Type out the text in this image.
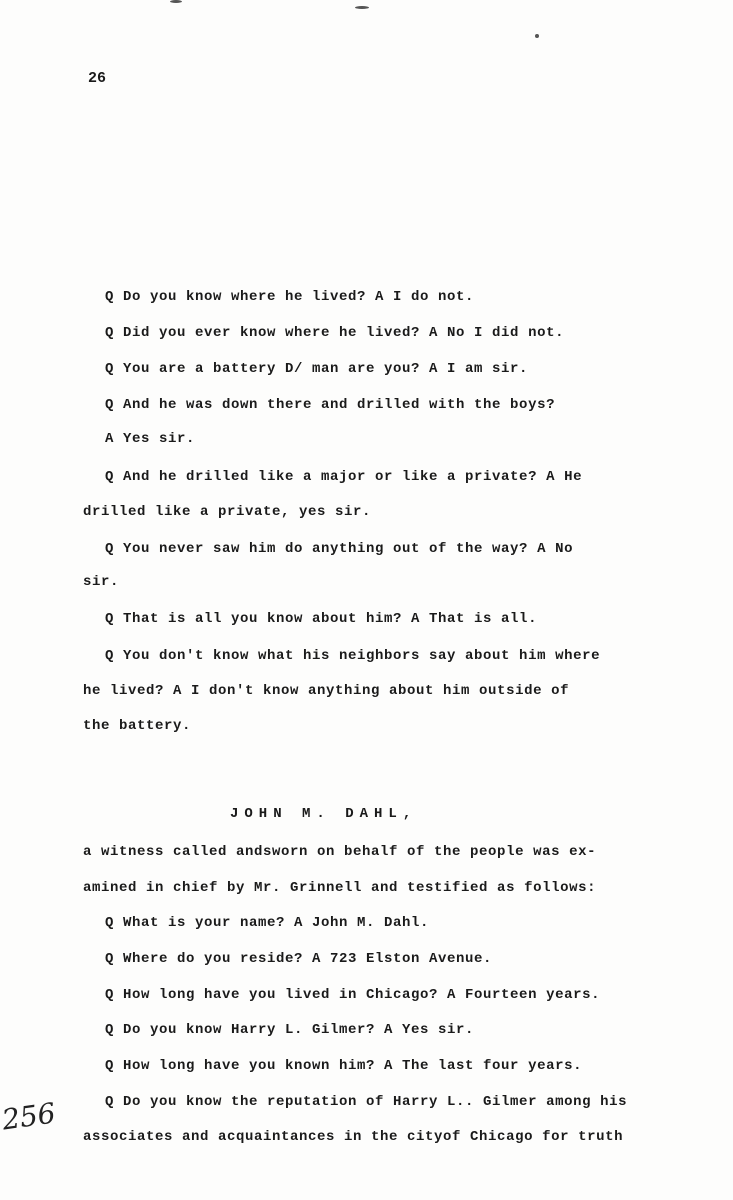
26
Q Do you know where he lived? A I do not.
Q Did you ever know where he lived? A No I did not.
Q You are a battery D/ man are you? A I am sir.
Q And he was down there and drilled with the boys?
A Yes sir.
Q And he drilled like a major or like a private? A He
drilled like a private, yes sir.
Q You never saw him do anything out of the way? A No
sir.
Q That is all you know about him? A That is all.
Q You don't know what his neighbors say about him where
he lived? A I don't know anything about him outside of
the battery.
JOHN M. DAHL,
a witness called andsworn on behalf of the people was ex-
amined in chief by Mr. Grinnell and testified as follows:
Q What is your name? A John M. Dahl.
Q Where do you reside? A 723 Elston Avenue.
Q How long have you lived in Chicago? A Fourteen years.
Q Do you know Harry L. Gilmer? A Yes sir.
Q How long have you known him? A The last four years.
Q Do you know the reputation of Harry L.. Gilmer among his
associates and acquaintances in the cityof Chicago for truth
256
